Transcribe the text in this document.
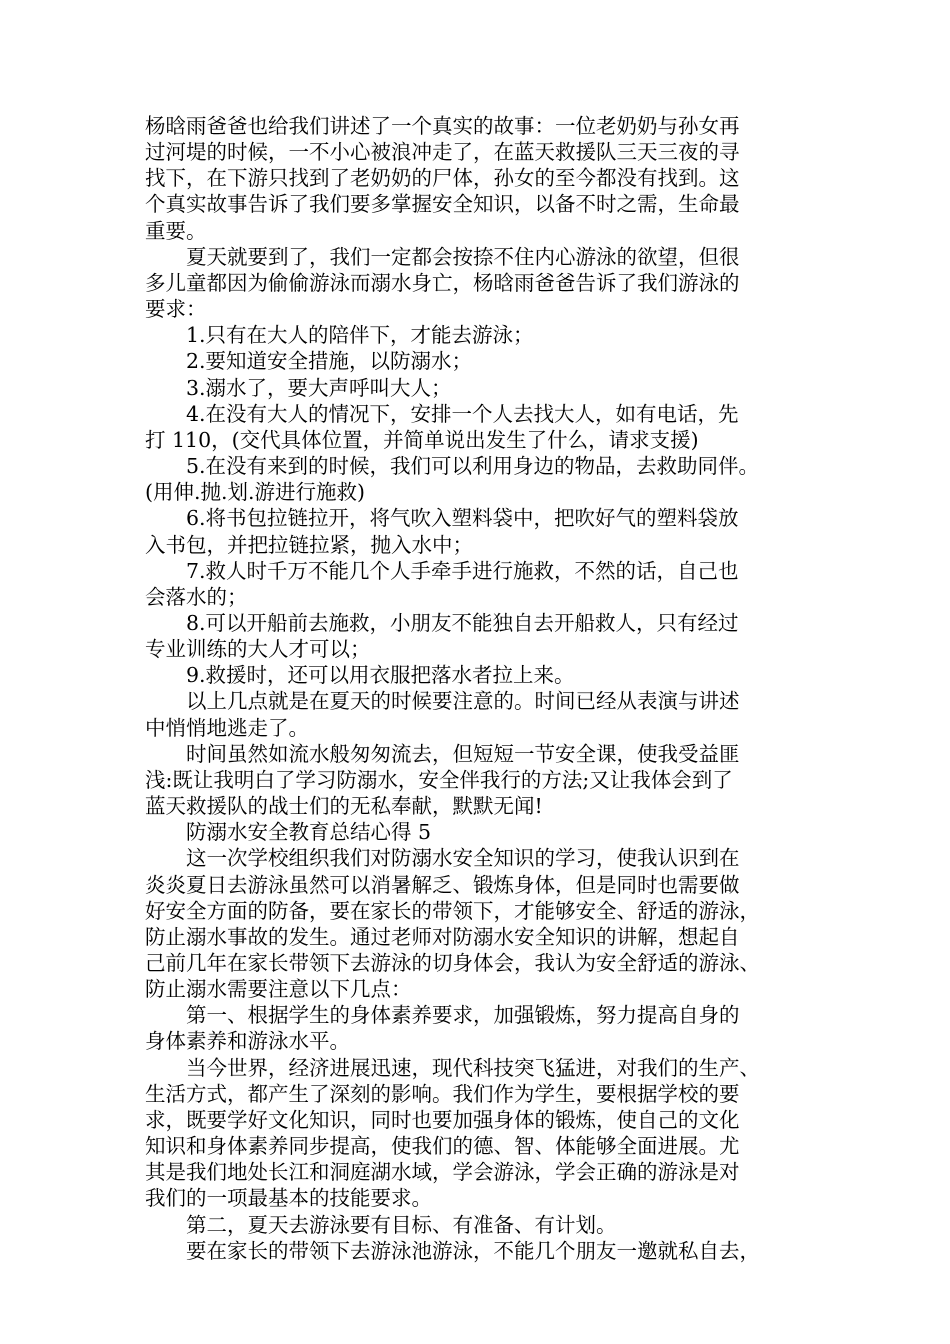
杨晗雨爸爸也给我们讲述了一个真实的故事：一位老奶奶与孙女再
过河堤的时候，一不小心被浪冲走了，在蓝天救援队三天三夜的寻
找下，在下游只找到了老奶奶的尸体，孙女的至今都没有找到。这
个真实故事告诉了我们要多掌握安全知识，以备不时之需，生命最
重要。
　　夏天就要到了，我们一定都会按捺不住内心游泳的欲望，但很
多儿童都因为偷偷游泳而溺水身亡，杨晗雨爸爸告诉了我们游泳的
要求：
　　1.只有在大人的陪伴下，才能去游泳；
　　2.要知道安全措施，以防溺水；
　　3.溺水了，要大声呼叫大人；
　　4.在没有大人的情况下，安排一个人去找大人，如有电话，先
打 110，(交代具体位置，并简单说出发生了什么，请求支援)
　　5.在没有来到的时候，我们可以利用身边的物品，去救助同伴。
(用伸.抛.划.游进行施救)
　　6.将书包拉链拉开，将气吹入塑料袋中，把吹好气的塑料袋放
入书包，并把拉链拉紧，抛入水中；
　　7.救人时千万不能几个人手牵手进行施救，不然的话，自己也
会落水的；
　　8.可以开船前去施救，小朋友不能独自去开船救人，只有经过
专业训练的大人才可以；
　　9.救援时，还可以用衣服把落水者拉上来。
　　以上几点就是在夏天的时候要注意的。时间已经从表演与讲述
中悄悄地逃走了。
　　时间虽然如流水般匆匆流去，但短短一节安全课，使我受益匪
浅:既让我明白了学习防溺水，安全伴我行的方法;又让我体会到了
蓝天救援队的战士们的无私奉献，默默无闻!
　　防溺水安全教育总结心得 5
　　这一次学校组织我们对防溺水安全知识的学习，使我认识到在
炎炎夏日去游泳虽然可以消暑解乏、锻炼身体，但是同时也需要做
好安全方面的防备，要在家长的带领下，才能够安全、舒适的游泳，
防止溺水事故的发生。通过老师对防溺水安全知识的讲解，想起自
己前几年在家长带领下去游泳的切身体会，我认为安全舒适的游泳、
防止溺水需要注意以下几点：
　　第一、根据学生的身体素养要求，加强锻炼，努力提高自身的
身体素养和游泳水平。
　　当今世界，经济进展迅速，现代科技突飞猛进，对我们的生产、
生活方式，都产生了深刻的影响。我们作为学生，要根据学校的要
求，既要学好文化知识，同时也要加强身体的锻炼，使自己的文化
知识和身体素养同步提高，使我们的德、智、体能够全面进展。尤
其是我们地处长江和洞庭湖水域，学会游泳，学会正确的游泳是对
我们的一项最基本的技能要求。
　　第二，夏天去游泳要有目标、有准备、有计划。
　　要在家长的带领下去游泳池游泳，不能几个朋友一邀就私自去，
